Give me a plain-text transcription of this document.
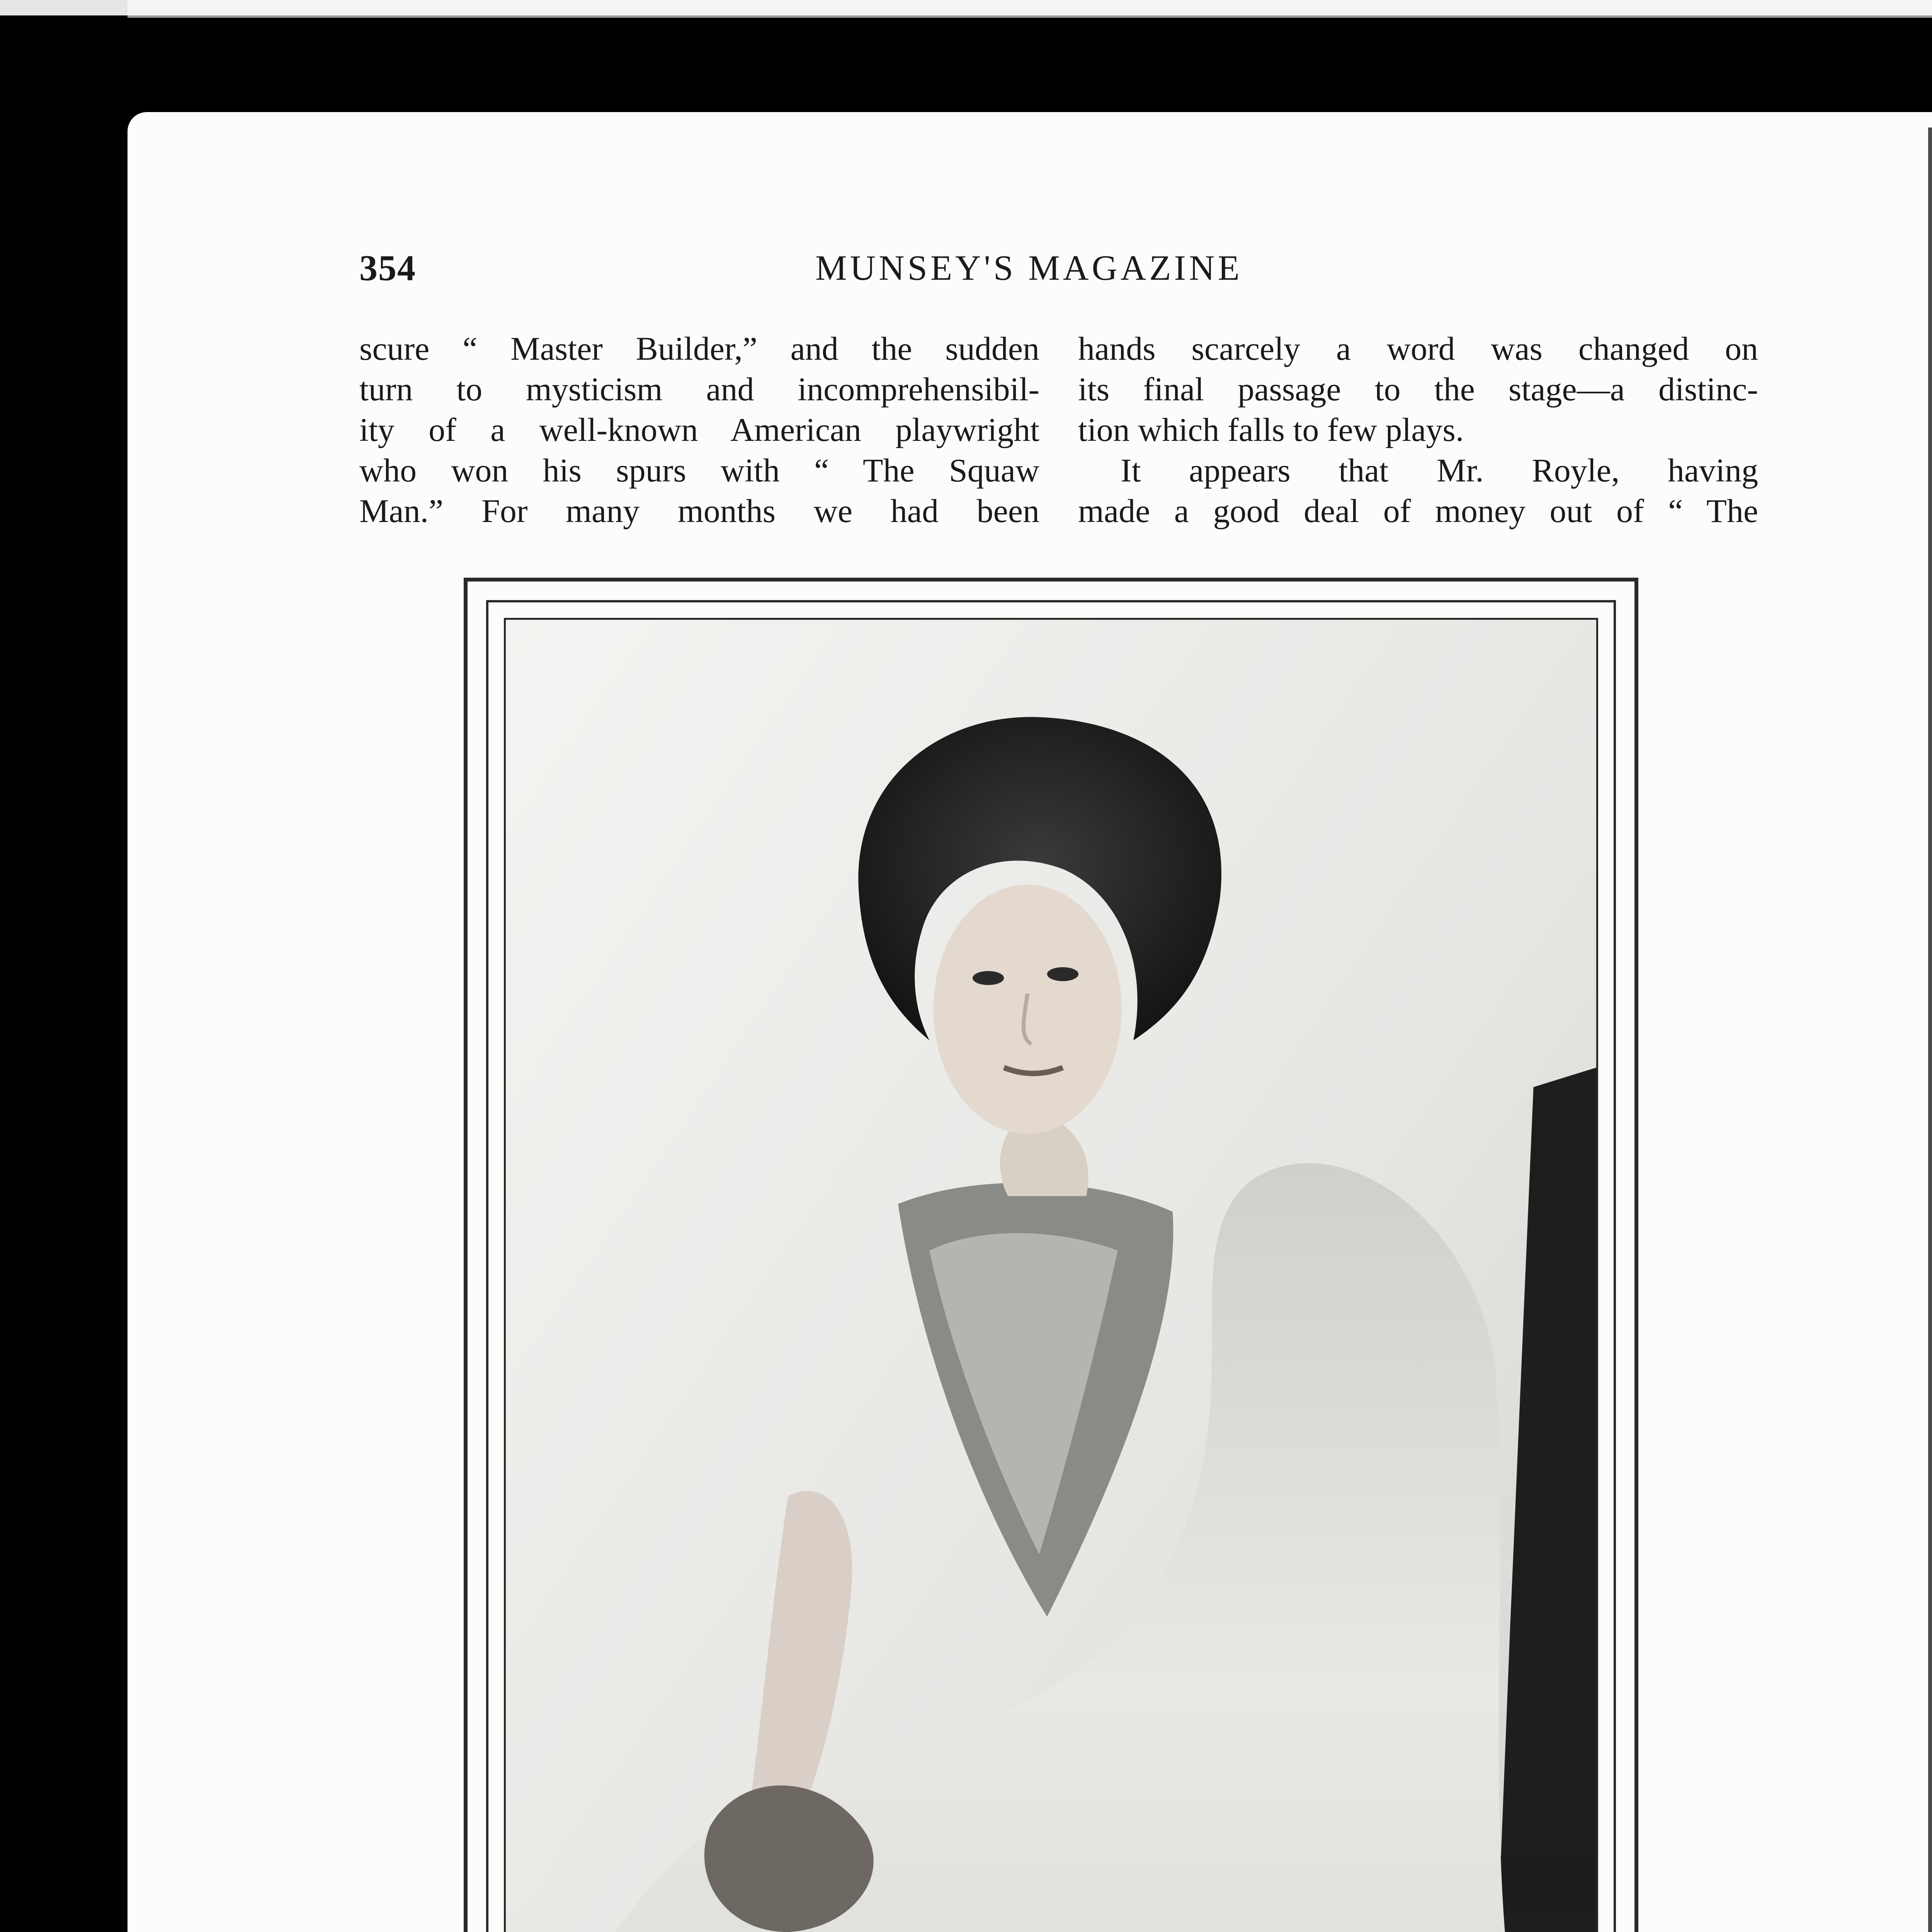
354	MUNSEY'S MAGAZINE

scure “ Master Builder,” and the sudden

turn to mysticism and incomprehensibil-

ity of a well-known American playwright

who won his spurs with “ The Squaw

Man.” For many months we had been

hands scarcely a word was changed on

its final passage to the stage—a distinc-

tion which falls to few plays.

It appears that Mr. Royle, having

made a good deal of money out of “ The
